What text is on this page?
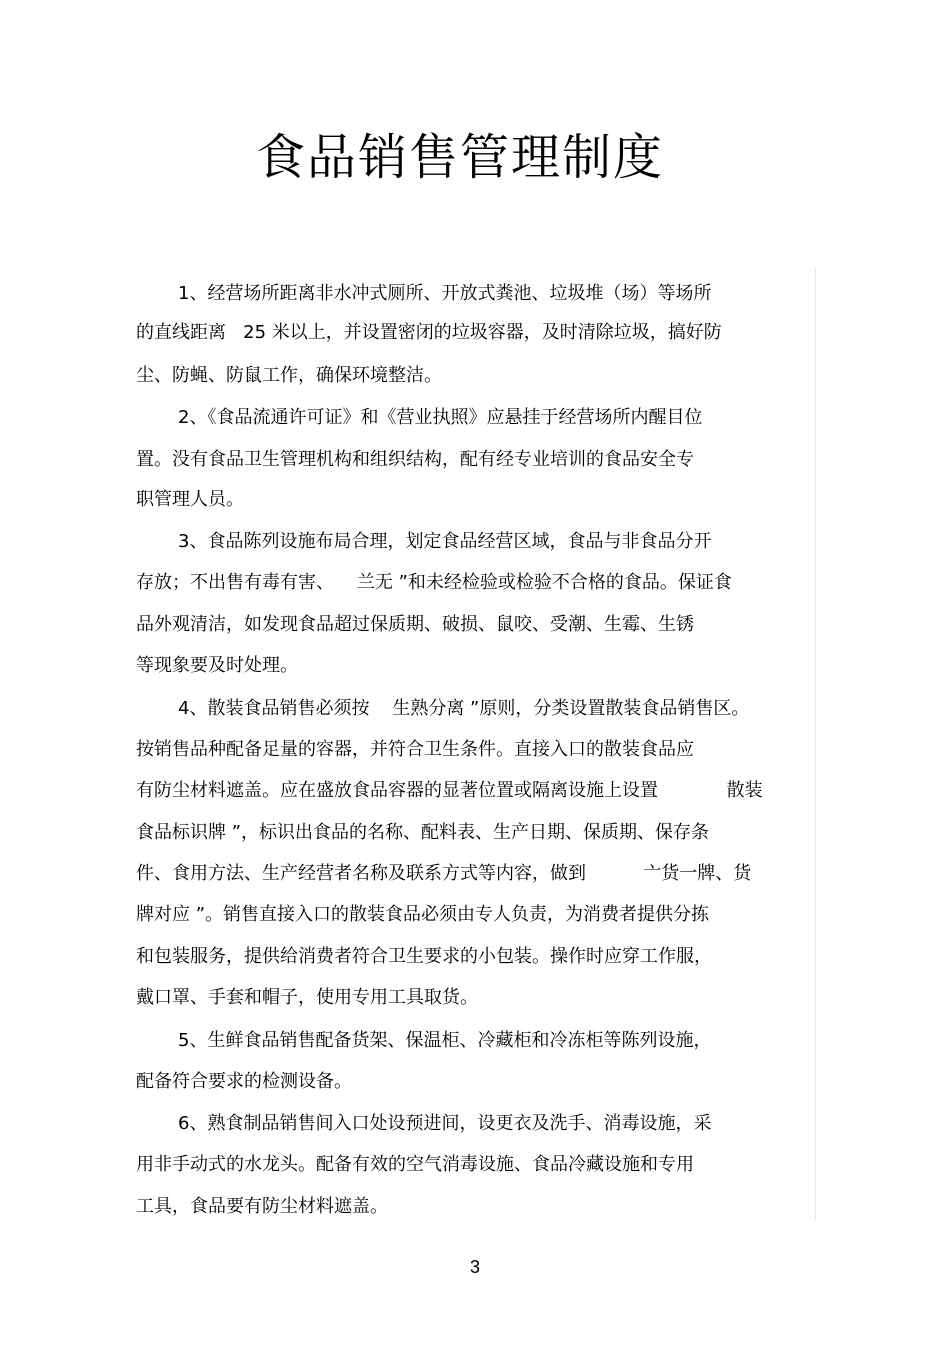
食品销售管理制度

1、经营场所距离非水冲式厕所、开放式粪池、垃圾堆（场）等场所

的直线距离   25 米以上，并设置密闭的垃圾容器，及时清除垃圾，搞好防

尘、防蝇、防鼠工作，确保环境整洁。

2、《食品流通许可证》和《营业执照》应悬挂于经营场所内醒目位

置。没有食品卫生管理机构和组织结构，配有经专业培训的食品安全专

职管理人员。

3、食品陈列设施布局合理，划定食品经营区域，食品与非食品分开

存放；不出售有毒有害、    兰无 ”和未经检验或检验不合格的食品。保证食

品外观清洁，如发现食品超过保质期、破损、鼠咬、受潮、生霉、生锈

等现象要及时处理。

4、散装食品销售必须按    生熟分离 ”原则，分类设置散装食品销售区。

按销售品种配备足量的容器，并符合卫生条件。直接入口的散装食品应

有防尘材料遮盖。应在盛放食品容器的显著位置或隔离设施上设置            散装

食品标识牌 ”，标识出食品的名称、配料表、生产日期、保质期、保存条

件、食用方法、生产经营者名称及联系方式等内容，做到          亠货一牌、货

牌对应 ”。销售直接入口的散装食品必须由专人负责，为消费者提供分拣

和包装服务，提供给消费者符合卫生要求的小包装。操作时应穿工作服，

戴口罩、手套和帽子，使用专用工具取货。

5、生鲜食品销售配备货架、保温柜、冷藏柜和冷冻柜等陈列设施，

配备符合要求的检测设备。

6、熟食制品销售间入口处设预进间，设更衣及洗手、消毒设施，采

用非手动式的水龙头。配备有效的空气消毒设施、食品冷藏设施和专用

工具，食品要有防尘材料遮盖。

3
